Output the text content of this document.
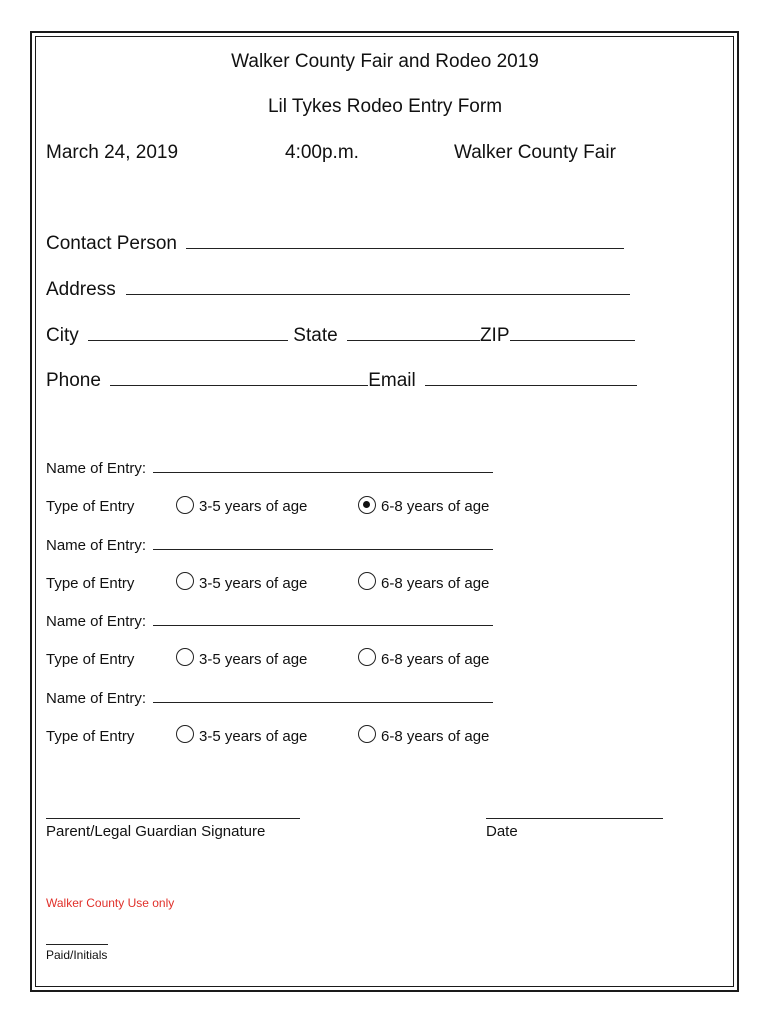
Walker County Fair and Rodeo 2019
Lil Tykes Rodeo Entry Form
March 24, 2019	4:00p.m.	Walker County Fair
Contact Person
Address
City	State	ZIP
Phone	Email
Name of Entry:
Type of Entry	3-5 years of age	6-8 years of age
Name of Entry:
Type of Entry	3-5 years of age	6-8 years of age
Name of Entry:
Type of Entry	3-5 years of age	6-8 years of age
Name of Entry:
Type of Entry	3-5 years of age	6-8 years of age
Parent/Legal Guardian Signature	Date
Walker County Use only
Paid/Initials
